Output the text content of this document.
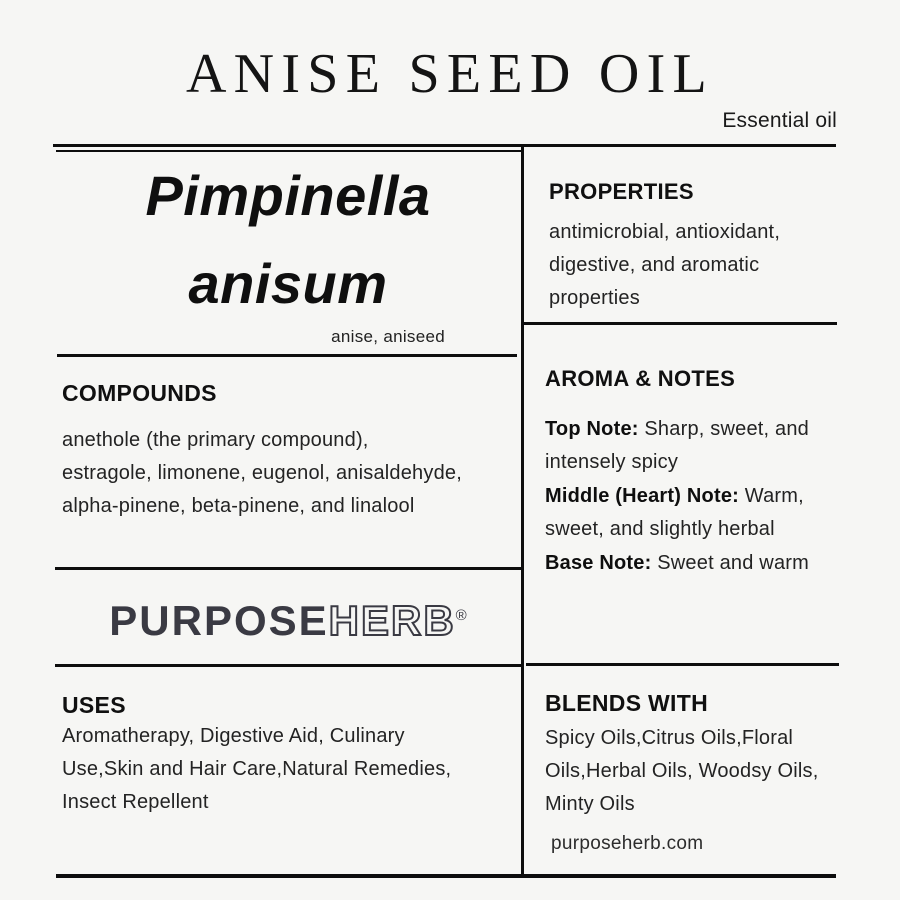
ANISE SEED OIL
Essential oil
Pimpinella
anisum
anise, aniseed
COMPOUNDS
anethole (the primary compound),
estragole, limonene, eugenol, anisaldehyde,
alpha-pinene, beta-pinene, and linalool
PURPOSEHERB®
USES
Aromatherapy, Digestive Aid, Culinary
Use,Skin and Hair Care,Natural Remedies,
Insect Repellent
PROPERTIES
antimicrobial, antioxidant,
digestive, and aromatic
properties
AROMA & NOTES
Top Note: Sharp, sweet, and
intensely spicy
Middle (Heart) Note: Warm,
sweet, and slightly herbal
Base Note: Sweet and warm
BLENDS WITH
Spicy Oils,Citrus Oils,Floral
Oils,Herbal Oils, Woodsy Oils,
Minty Oils
purposeherb.com
